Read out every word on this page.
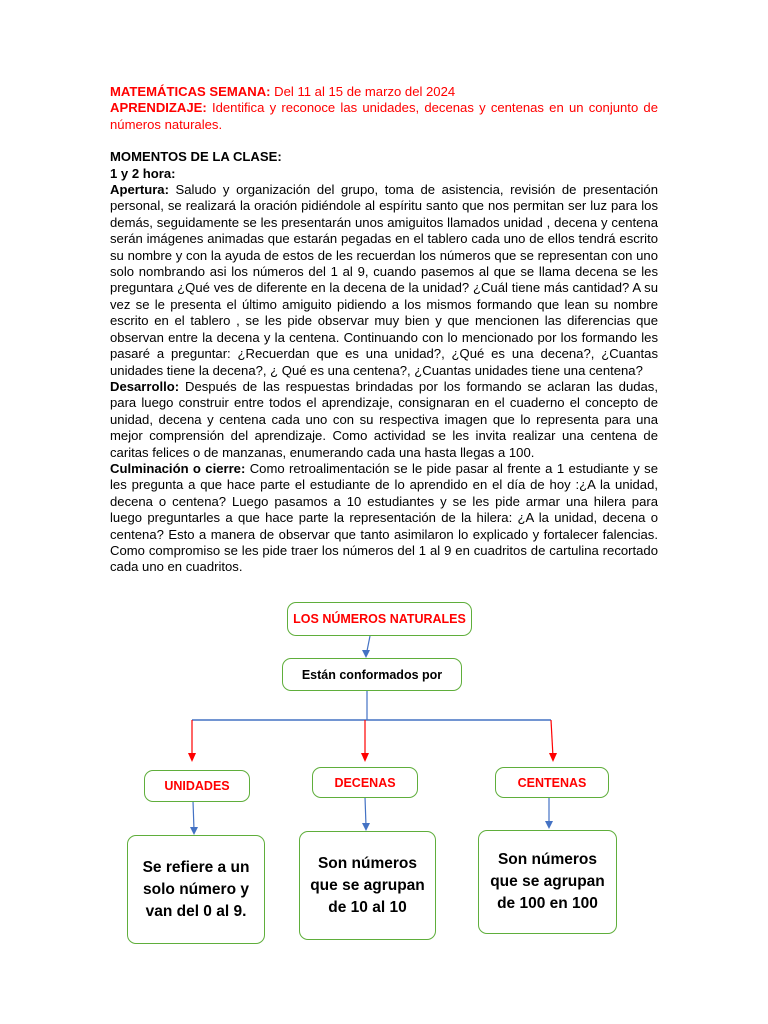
MATEMÁTICAS SEMANA: Del 11 al 15 de marzo del 2024

APRENDIZAJE: Identifica y reconoce las unidades, decenas y centenas en un conjunto de números naturales.

MOMENTOS DE LA CLASE:

1 y 2 hora:

Apertura: Saludo y organización del grupo, toma de asistencia, revisión de presentación personal, se realizará la oración pidiéndole al espíritu santo que nos permitan ser luz para los demás, seguidamente se les presentarán unos amiguitos llamados unidad , decena y centena serán imágenes animadas que estarán pegadas en el tablero cada uno de ellos tendrá escrito su nombre y con la ayuda de estos de les recuerdan los números que se representan con uno solo nombrando asi los números del 1 al 9, cuando pasemos al que se llama decena se les preguntara ¿Qué ves de diferente en la decena de la unidad? ¿Cuál tiene más cantidad? A su vez se le presenta el último amiguito pidiendo a los mismos formando que lean su nombre escrito en el tablero , se les pide observar muy bien y que mencionen las diferencias que observan entre la decena y la centena. Continuando con lo mencionado por los formando les pasaré a preguntar: ¿Recuerdan que es una unidad?, ¿Qué es una decena?, ¿Cuantas unidades tiene la decena?, ¿ Qué es una centena?, ¿Cuantas unidades tiene una centena?

Desarrollo: Después de las respuestas brindadas por los formando se aclaran las dudas, para luego construir entre todos el aprendizaje, consignaran en el cuaderno el concepto de unidad, decena y centena cada uno con su respectiva imagen que lo representa para una mejor comprensión del aprendizaje. Como actividad se les invita realizar una centena de caritas felices o de manzanas, enumerando cada una hasta llegas a 100.

Culminación o cierre: Como retroalimentación se le pide pasar al frente a 1 estudiante y se les pregunta a que hace parte el estudiante de lo aprendido en el día de hoy :¿A la unidad, decena o centena? Luego pasamos a 10 estudiantes y se les pide armar una hilera para luego preguntarles a que hace parte la representación de la hilera: ¿A la unidad, decena o centena? Esto a manera de observar que tanto asimilaron lo explicado y fortalecer falencias. Como compromiso se les pide traer los números del 1 al 9 en cuadritos de cartulina recortado cada uno en cuadritos.

LOS NÚMEROS NATURALES
Están conformados por
UNIDADES	DECENAS	CENTENAS
Se refiere a un solo número y van del 0 al 9.
Son números que se agrupan de 10 al 10
Son números que se agrupan de 100 en 100
